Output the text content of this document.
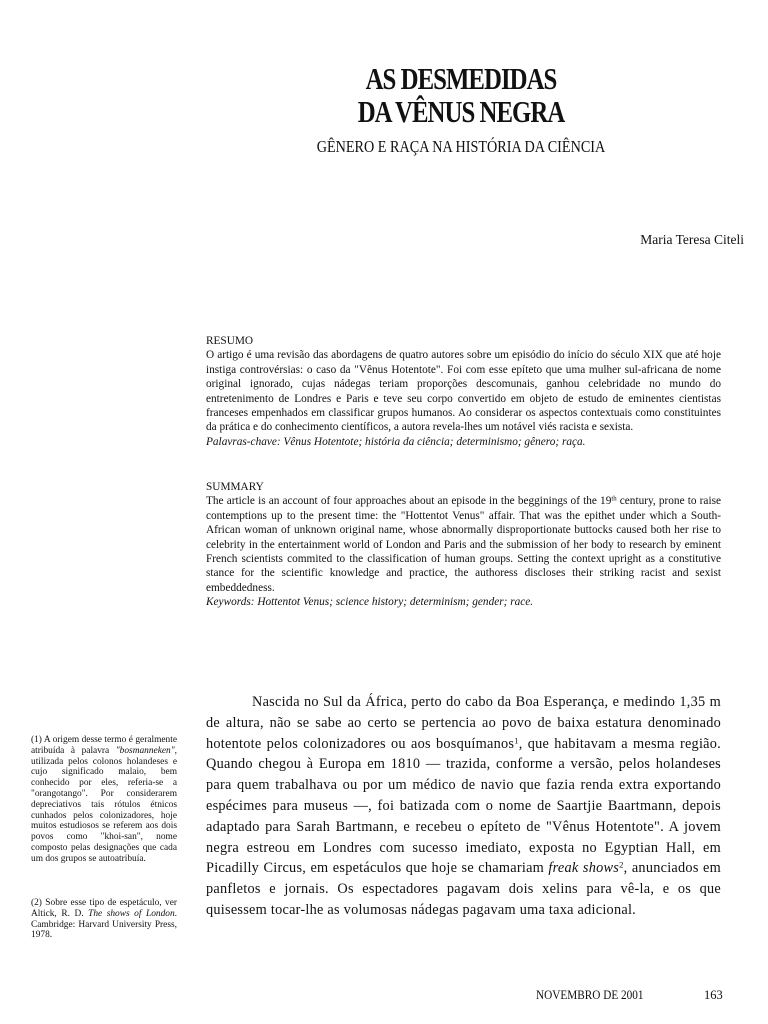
AS DESMEDIDAS
DA VÊNUS NEGRA
GÊNERO E RAÇA NA HISTÓRIA DA CIÊNCIA
Maria Teresa Citeli
RESUMO
O artigo é uma revisão das abordagens de quatro autores sobre um episódio do início do século XIX que até hoje instiga controvérsias: o caso da "Vênus Hotentote". Foi com esse epíteto que uma mulher sul-africana de nome original ignorado, cujas nádegas teriam proporções descomunais, ganhou celebridade no mundo do entretenimento de Londres e Paris e teve seu corpo convertido em objeto de estudo de eminentes cientistas franceses empenhados em classificar grupos humanos. Ao considerar os aspectos contextuais como constituintes da prática e do conhecimento científicos, a autora revela-lhes um notável viés racista e sexista.
Palavras-chave: Vênus Hotentote; história da ciência; determinismo; gênero; raça.
SUMMARY
The article is an account of four approaches about an episode in the begginings of the 19th century, prone to raise contemptions up to the present time: the "Hottentot Venus" affair. That was the epithet under which a South-African woman of unknown original name, whose abnormally disproportionate buttocks caused both her rise to celebrity in the entertainment world of London and Paris and the submission of her body to research by eminent French scientists commited to the classification of human groups. Setting the context upright as a constitutive stance for the scientific knowledge and practice, the authoress discloses their striking racist and sexist embeddedness.
Keywords: Hottentot Venus; science history; determinism; gender; race.

Nascida no Sul da África, perto do cabo da Boa Esperança, e medindo 1,35 m de altura, não se sabe ao certo se pertencia ao povo de baixa estatura denominado hotentote pelos colonizadores ou aos bosquímanos$^1$, que habitavam a mesma região. Quando chegou à Europa em 1810 — trazida, conforme a versão, pelos holandeses para quem trabalhava ou por um médico de navio que fazia renda extra exportando espécimes para museus —, foi batizada com o nome de Saartjie Baartmann, depois adaptado para Sarah Bartmann, e recebeu o epíteto de "Vênus Hotentote". A jovem negra estreou em Londres com sucesso imediato, exposta no Egyptian Hall, em Picadilly Circus, em espetáculos que hoje se chamariam freak shows$^2$, anunciados em panfletos e jornais. Os espectadores pagavam dois xelins para vê-la, e os que quisessem tocar-lhe as volumosas nádegas pagavam uma taxa adicional.

(1) A origem desse termo é geralmente atribuída à palavra "bosmanneken", utilizada pelos colonos holandeses e cujo significado malaio, bem conhecido por eles, referia-se a "orangotango". Por considerarem depreciativos tais rótulos étnicos cunhados pelos colonizadores, hoje muitos estudiosos se referem aos dois povos como "khoi-san", nome composto pelas designações que cada um dos grupos se autoatribuía.
(2) Sobre esse tipo de espetáculo, ver Altick, R. D. The shows of London. Cambridge: Harvard University Press, 1978.
NOVEMBRO DE 2001	163
